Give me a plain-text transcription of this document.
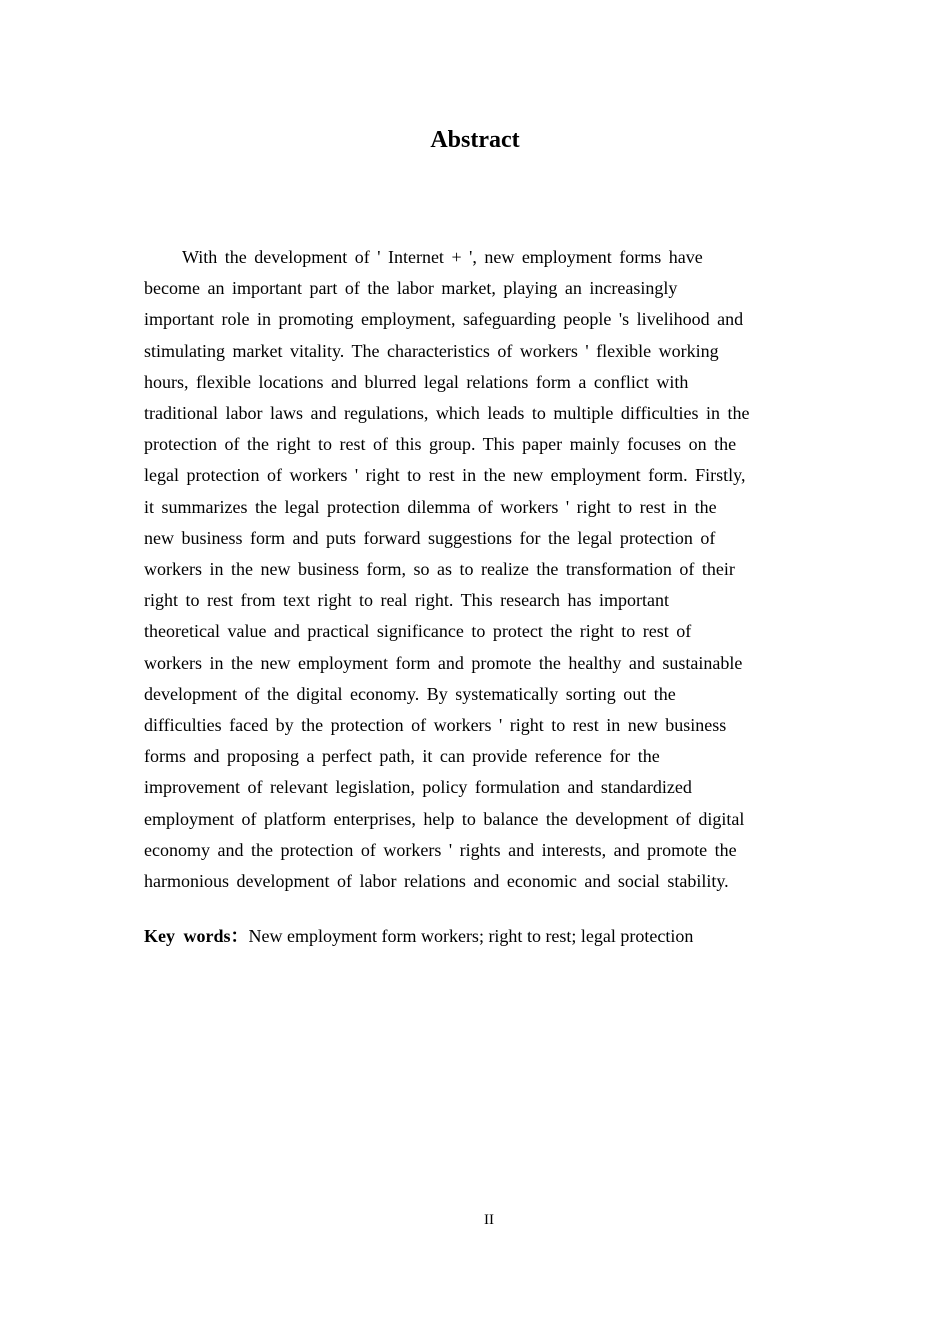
Abstract
With the development of ' Internet + ', new employment forms have
become an important part of the labor market, playing an increasingly
important role in promoting employment, safeguarding people 's livelihood and
stimulating market vitality. The characteristics of workers ' flexible working
hours, flexible locations and blurred legal relations form a conflict with
traditional labor laws and regulations, which leads to multiple difficulties in the
protection of the right to rest of this group. This paper mainly focuses on the
legal protection of workers ' right to rest in the new employment form. Firstly,
it summarizes the legal protection dilemma of workers ' right to rest in the
new business form and puts forward suggestions for the legal protection of
workers in the new business form, so as to realize the transformation of their
right to rest from text right to real right. This research has important
theoretical value and practical significance to protect the right to rest of
workers in the new employment form and promote the healthy and sustainable
development of the digital economy. By systematically sorting out the
difficulties faced by the protection of workers ' right to rest in new business
forms and proposing a perfect path, it can provide reference for the
improvement of relevant legislation, policy formulation and standardized
employment of platform enterprises, help to balance the development of digital
economy and the protection of workers ' rights and interests, and promote the
harmonious development of labor relations and economic and social stability.

Key words：New employment form workers; right to rest; legal protection

II
